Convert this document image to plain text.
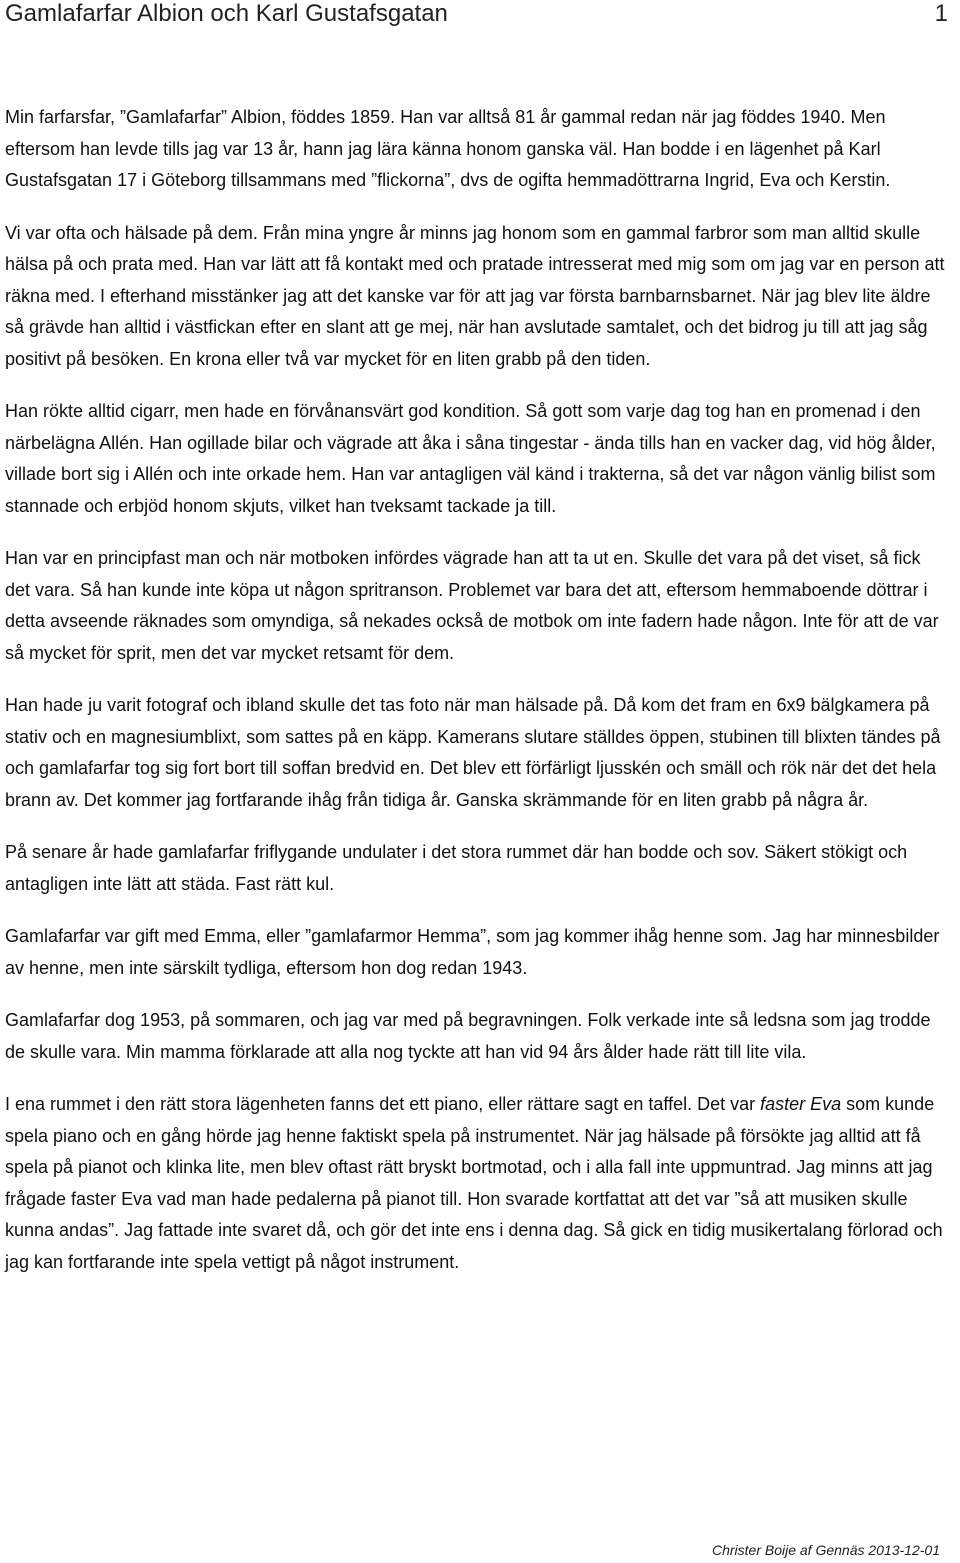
Gamlafarfar Albion och Karl Gustafsgatan	1

Min farfarsfar, ”Gamlafarfar” Albion, föddes 1859. Han var alltså 81 år gammal redan när jag föddes 1940. Men eftersom han levde tills jag var 13 år, hann jag lära känna honom ganska väl. Han bodde i en lägenhet på Karl Gustafsgatan 17 i Göteborg tillsammans med ”flickorna”, dvs de ogifta hemmadöttrarna Ingrid, Eva och Kerstin.

Vi var ofta och hälsade på dem. Från mina yngre år minns jag honom som en gammal farbror som man alltid skulle hälsa på och prata med. Han var lätt att få kontakt med och pratade intresserat med mig som om jag var en person att räkna med. I efterhand misstänker jag att det kanske var för att jag var första barnbarnsbarnet. När jag blev lite äldre så grävde han alltid i västfickan efter en slant att ge mej, när han avslutade samtalet, och det bidrog ju till att jag såg positivt på besöken. En krona eller två var mycket för en liten grabb på den tiden.

Han rökte alltid cigarr, men hade en förvånansvärt god kondition. Så gott som varje dag tog han en promenad i den närbelägna Allén. Han ogillade bilar och vägrade att åka i såna tingestar - ända tills han en vacker dag, vid hög ålder, villade bort sig i Allén och inte orkade hem. Han var antagligen väl känd i trakterna, så det var någon vänlig bilist som stannade och erbjöd honom skjuts, vilket han tveksamt tackade ja till.

Han var en principfast man och när motboken infördes vägrade han att ta ut en. Skulle det vara på det viset, så fick det vara. Så han kunde inte köpa ut någon spritranson. Problemet var bara det att, eftersom hemmaboende döttrar i detta avseende räknades som omyndiga, så nekades också de motbok om inte fadern hade någon. Inte för att de var så mycket för sprit, men det var mycket retsamt för dem.

Han hade ju varit fotograf och ibland skulle det tas foto när man hälsade på. Då kom det fram en 6x9 bälgkamera på stativ och en magnesiumblixt, som sattes på en käpp. Kamerans slutare ställdes öppen, stubinen till blixten tändes på och gamlafarfar tog sig fort bort till soffan bredvid en. Det blev ett förfärligt ljusskén och smäll och rök när det det hela brann av. Det kommer jag fortfarande ihåg från tidiga år. Ganska skrämmande för en liten grabb på några år.

På senare år hade gamlafarfar friflygande undulater i det stora rummet där han bodde och sov. Säkert stökigt och antagligen inte lätt att städa. Fast rätt kul.

Gamlafarfar var gift med Emma, eller ”gamlafarmor Hemma”, som jag kommer ihåg henne som. Jag har minnesbilder av henne, men inte särskilt tydliga, eftersom hon dog redan 1943.

Gamlafarfar dog 1953, på sommaren, och jag var med på begravningen. Folk verkade inte så ledsna som jag trodde de skulle vara. Min mamma förklarade att alla nog tyckte att han vid 94 års ålder hade rätt till lite vila.

I ena rummet i den rätt stora lägenheten fanns det ett piano, eller rättare sagt en taffel. Det var faster Eva som kunde spela piano och en gång hörde jag henne faktiskt spela på instrumentet. När jag hälsade på försökte jag alltid att få spela på pianot och klinka lite, men blev oftast rätt bryskt bortmotad, och i alla fall inte uppmuntrad. Jag minns att jag frågade faster Eva vad man hade pedalerna på pianot till. Hon svarade kortfattat att det var ”så att musiken skulle kunna andas”. Jag fattade inte svaret då, och gör det inte ens i denna dag. Så gick en tidig musikertalang förlorad och jag kan fortfarande inte spela vettigt på något instrument.

Christer Boije af Gennäs 2013-12-01
